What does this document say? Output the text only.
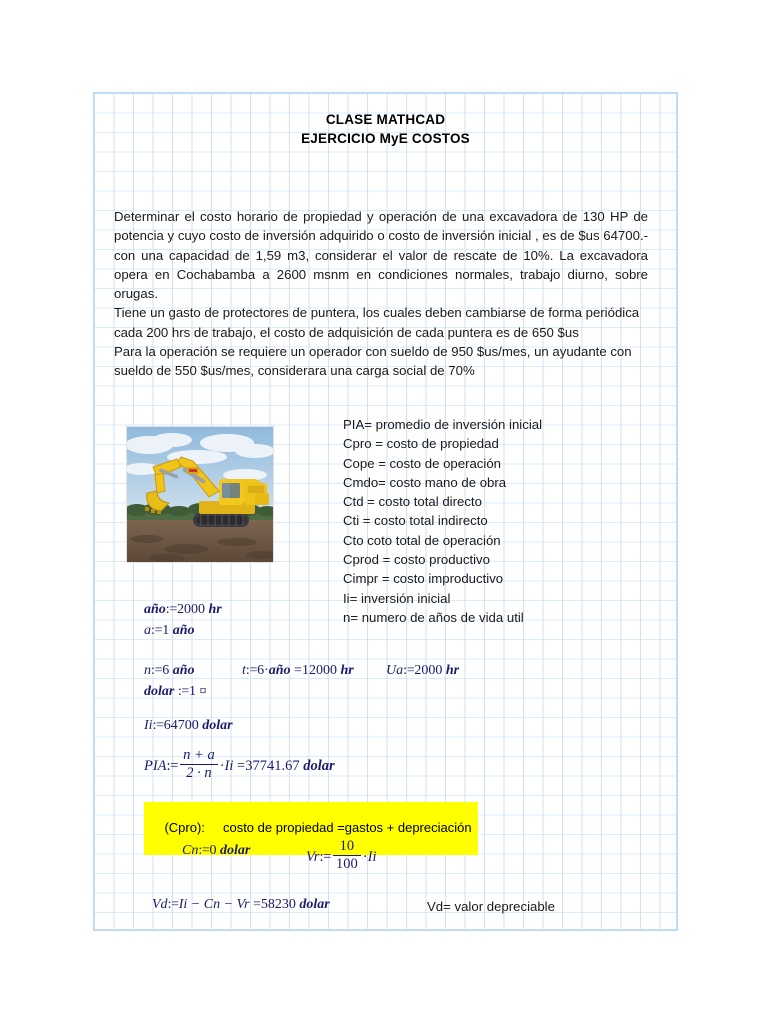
CLASE MATHCAD
EJERCICIO MyE COSTOS

Determinar el costo horario de propiedad y operación de una excavadora de 130 HP de potencia y cuyo costo de inversión adquirido o costo de inversión inicial , es de $us 64700.- con una capacidad de 1,59 m3, considerar el valor de rescate de 10%. La excavadora opera en Cochabamba a 2600 msnm en condiciones normales, trabajo diurno, sobre orugas.

Tiene un gasto de protectores de puntera, los cuales deben cambiarse de forma periódica cada 200 hrs de trabajo, el costo de adquisición de cada puntera es de 650 $us

Para la operación se requiere un operador con sueldo de 950 $us/mes, un ayudante con sueldo de 550 $us/mes, considerara una carga social de 70%

PIA= promedio de inversión inicial
Cpro = costo de propiedad
Cope = costo de operación
Cmdo= costo mano de obra
Ctd = costo total directo
Cti = costo total indirecto
Cto coto total de operación
Cprod = costo productivo
Cimpr = costo improductivo
Ii= inversión inicial
n= numero de años de vida util
año:=2000 hr
a:=1 año
n:=6 año	t:=6·año =12000 hr Ua:=2000 hr
dolar :=1 ¤
Ii:=64700 dolar
PIA:= $\frac{n + a}{2 \cdot n} \cdot Ii =37741.67$ dolar

(Cpro): costo de propiedad =gastos + depreciación

Cn:=0 dolar	Vr:= $\frac{10}{100} \cdot Ii$
Vd:=Ii − Cn − Vr =58230 dolar	Vd= valor depreciable
